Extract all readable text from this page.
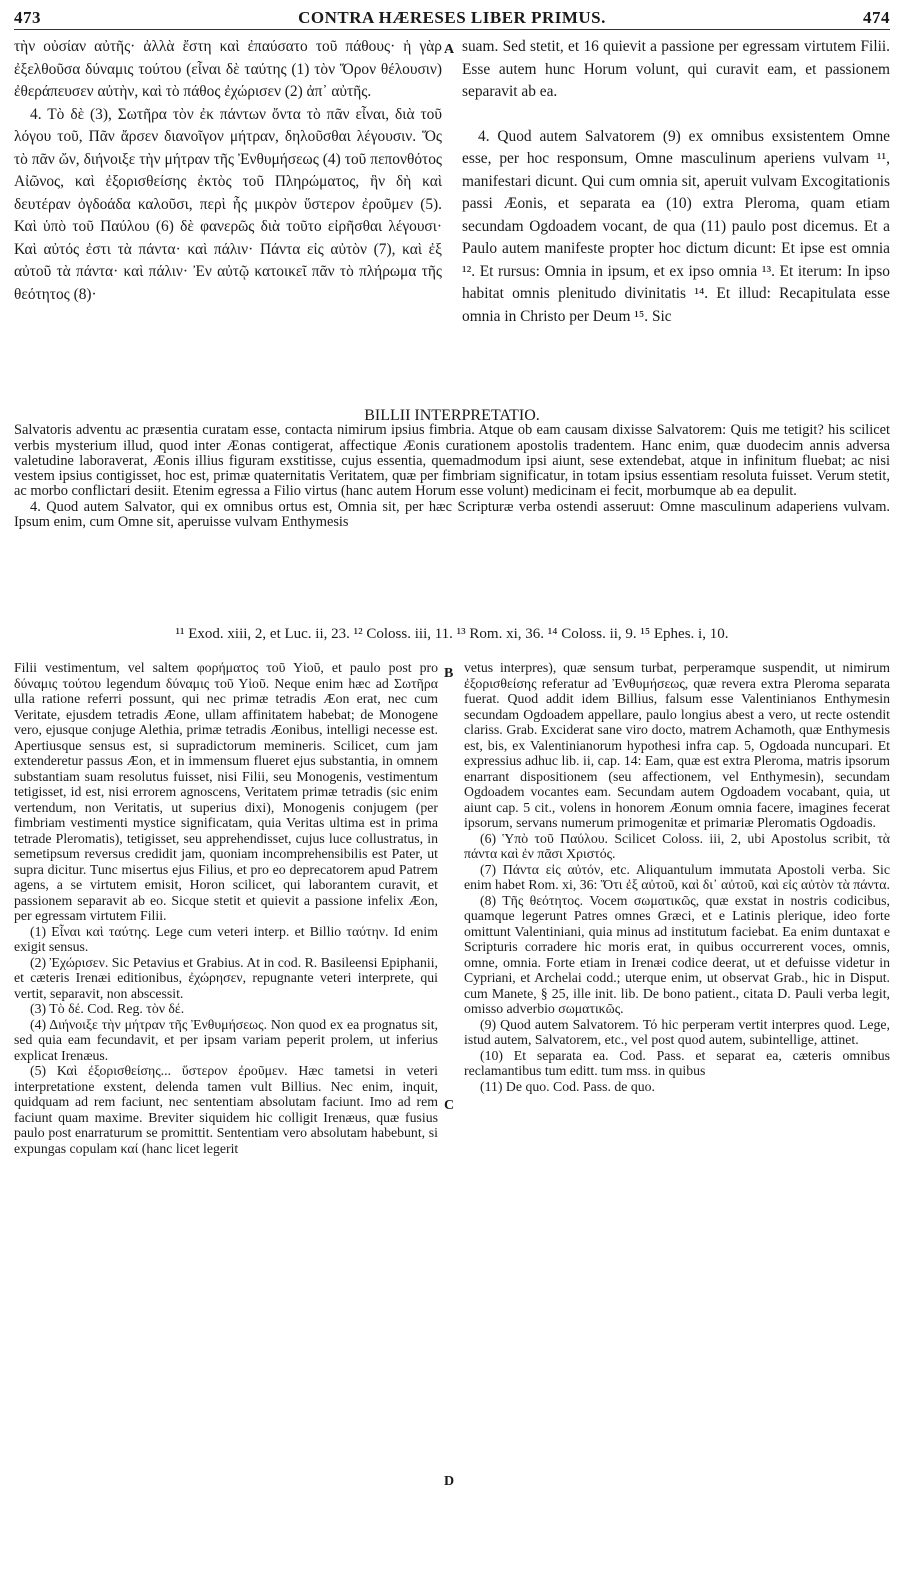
473	CONTRA HÆRESES LIBER PRIMUS.	474

τὴν οὐσίαν αὐτῆς· ἀλλὰ ἔστη καὶ ἐπαύσατο τοῦ πάθους· ἡ γὰρ ἐξελθοῦσα δύναμις τούτου (εἶναι δὲ ταύτης (1) τὸν Ὅρον θέλουσιν) ἐθεράπευσεν αὐτὴν, καὶ τὸ πάθος ἐχώρισεν (2) ἀπ᾽ αὐτῆς.

4. Τὸ δὲ (3), Σωτῆρα τὸν ἐκ πάντων ὄντα τὸ πᾶν εἶναι, διὰ τοῦ λόγου τοῦ, Πᾶν ἄρσεν διανοῖγον μήτραν, δηλοῦσθαι λέγουσιν. Ὅς τὸ πᾶν ὤν, διήνοιξε τὴν μήτραν τῆς Ἐνθυμήσεως (4) τοῦ πεπονθότος Αἰῶνος, καὶ ἐξορισθείσης ἐκτὸς τοῦ Πληρώματος, ἣν δὴ καὶ δευτέραν ὀγδοάδα καλοῦσι, περὶ ἧς μικρὸν ὕστερον ἐροῦμεν (5). Καὶ ὑπὸ τοῦ Παύλου (6) δὲ φανερῶς διὰ τοῦτο εἰρῆσθαι λέγουσι· Καὶ αὐτός ἐστι τὰ πάντα· καὶ πάλιν· Πάντα εἰς αὐτὸν (7), καὶ ἐξ αὐτοῦ τὰ πάντα· καὶ πάλιν· Ἐν αὐτῷ κατοικεῖ πᾶν τὸ πλήρωμα τῆς θεότητος (8)·

A suam. Sed stetit, et 16 quievit a passione per egressam virtutem Filii. Esse autem hunc Horum volunt, qui curavit eam, et passionem separavit ab ea.

4. Quod autem Salvatorem (9) ex omnibus exsistentem Omne esse, per hoc responsum, Omne masculinum aperiens vulvam ¹¹, manifestari dicunt. Qui cum omnia sit, aperuit vulvam Excogitationis passi Æonis, et separata ea (10) extra Pleroma, quam etiam secundam Ogdoadem vocant, de qua (11) paulo post dicemus. Et a Paulo autem manifeste propter hoc dictum dicunt: Et ipse est omnia ¹². Et rursus: Omnia in ipsum, et ex ipso omnia ¹³. Et iterum: In ipso habitat omnis plenitudo divinitatis ¹⁴. Et illud: Recapitulata esse omnia in Christo per Deum ¹⁵. Sic

BILLII INTERPRETATIO.

Salvatoris adventu ac præsentia curatam esse, contacta nimirum ipsius fimbria. Atque ob eam causam dixisse Salvatorem: Quis me tetigit? his scilicet verbis mysterium illud, quod inter Æonas contigerat, affectique Æonis curationem apostolis tradentem. Hanc enim, quæ duodecim annis adversa valetudine laboraverat, Æonis illius figuram exstitisse, cujus essentia, quemadmodum ipsi aiunt, sese extendebat, atque in infinitum fluebat; ac nisi vestem ipsius contigisset, hoc est, primæ quaternitatis Veritatem, quæ per fimbriam significatur, in totam ipsius essentiam resoluta fuisset. Verum stetit, ac morbo conflictari desiit. Etenim egressa a Filio virtus (hanc autem Horum esse volunt) medicinam ei fecit, morbumque ab ea depulit.

4. Quod autem Salvator, qui ex omnibus ortus est, Omnia sit, per hæc Scripturæ verba ostendi asseruut: Omne masculinum adaperiens vulvam. Ipsum enim, cum Omne sit, aperuisse vulvam Enthymesis

¹¹ Exod. xiii, 2, et Luc. ii, 23. ¹² Coloss. iii, 11. ¹³ Rom. xi, 36. ¹⁴ Coloss. ii, 9. ¹⁵ Ephes. i, 10.

Filii vestimentum, vel saltem φορήματος τοῦ Υἱοῦ, et paulo post pro δύναμις τούτου legendum δύναμις τοῦ Υἱοῦ. Neque enim hæc ad Σωτῆρα ulla ratione referri possunt, qui nec primæ tetradis Æon erat, nec cum Veritate, ejusdem tetradis Æone, ullam affinitatem habebat; de Monogene vero, ejusque conjuge Alethia, primæ tetradis Æonibus, intelligi necesse est. Apertiusque sensus est, si supradictorum memineris. Scilicet, cum jam extenderetur passus Æon, et in immensum flueret ejus substantia, in omnem substantiam suam resolutus fuisset, nisi Filii, seu Monogenis, vestimentum tetigisset, id est, nisi errorem agnoscens, Veritatem primæ tetradis (sic enim vertendum, non Veritatis, ut superius dixi), Monogenis conjugem (per fimbriam vestimenti mystice significatam, quia Veritas ultima est in prima tetrade Pleromatis), tetigisset, seu apprehendisset, cujus luce collustratus, in semetipsum reversus credidit jam, quoniam incomprehensibilis est Pater, ut supra dicitur. Tunc misertus ejus Filius, et pro eo deprecatorem apud Patrem agens, a se virtutem emisit, Horon scilicet, qui laborantem curavit, et passionem separavit ab eo. Sicque stetit et quievit a passione infelix Æon, per egressam virtutem Filii.

(1) Εἶναι καὶ ταύτης. Lege cum veteri interp. et Billio ταύτην. Id enim exigit sensus.

(2) Ἐχώρισεν. Sic Petavius et Grabius. At in cod. R. Basileensi Epiphanii, et cæteris Irenæi editionibus, ἐχώρησεν, repugnante veteri interprete, qui vertit, separavit, non abscessit.

(3) Τὸ δέ. Cod. Reg. τὸν δέ.

(4) Διήνοιξε τὴν μήτραν τῆς Ἐνθυμήσεως. Non quod ex ea prognatus sit, sed quia eam fecundavit, et per ipsam variam peperit prolem, ut inferius explicat Irenæus.

(5) Καὶ ἐξορισθείσης... ὕστερον ἐροῦμεν. Hæc tametsi in veteri interpretatione exstent, delenda tamen vult Billius. Nec enim, inquit, quidquam ad rem faciunt, nec sententiam absolutam faciunt. Imo ad rem faciunt quam maxime. Breviter siquidem hic colligit Irenæus, quæ fusius paulo post enarraturum se promittit. Sententiam vero absolutam habebunt, si expungas copulam καί (hanc licet legerit

B
C
D

vetus interpres), quæ sensum turbat, perperamque suspendit, ut nimirum ἐξορισθείσης referatur ad Ἐνθυμήσεως, quæ revera extra Pleroma separata fuerat. Quod addit idem Billius, falsum esse Valentinianos Enthymesin secundam Ogdoadem appellare, paulo longius abest a vero, ut recte ostendit clariss. Grab. Exciderat sane viro docto, matrem Achamoth, quæ Enthymesis est, bis, ex Valentinianorum hypothesi infra cap. 5, Ogdoada nuncupari. Et expressius adhuc lib. ii, cap. 14: Eam, quæ est extra Pleroma, matris ipsorum enarrant dispositionem (seu affectionem, vel Enthymesin), secundam Ogdoadem vocantes eam. Secundam autem Ogdoadem vocabant, quia, ut aiunt cap. 5 cit., volens in honorem Æonum omnia facere, imagines fecerat ipsorum, servans numerum primogenitæ et primariæ Pleromatis Ogdoadis.

(6) Ὑπὸ τοῦ Παύλου. Scilicet Coloss. iii, 2, ubi Apostolus scribit, τὰ πάντα καὶ ἐν πᾶσι Χριστός.

(7) Πάντα εἰς αὐτόν, etc. Aliquantulum immutata Apostoli verba. Sic enim habet Rom. xi, 36: Ὅτι ἐξ αὐτοῦ, καὶ δι᾽ αὐτοῦ, καὶ εἰς αὐτὸν τὰ πάντα.

(8) Τῆς θεότητος. Vocem σωματικῶς, quæ exstat in nostris codicibus, quamque legerunt Patres omnes Græci, et e Latinis plerique, ideo forte omittunt Valentiniani, quia minus ad institutum faciebat. Ea enim duntaxat e Scripturis corradere hic moris erat, in quibus occurrerent voces, omnis, omne, omnia. Forte etiam in Irenæi codice deerat, ut et defuisse videtur in Cypriani, et Archelai codd.; uterque enim, ut observat Grab., hic in Disput. cum Manete, § 25, ille init. lib. De bono patient., citata D. Pauli verba legit, omisso adverbio σωματικῶς.

(9) Quod autem Salvatorem. Τό hic perperam vertit interpres quod. Lege, istud autem, Salvatorem, etc., vel post quod autem, subintellige, attinet.

(10) Et separata ea. Cod. Pass. et separat ea, cæteris omnibus reclamantibus tum editt. tum mss. in quibus

(11) De quo. Cod. Pass. de quo.
